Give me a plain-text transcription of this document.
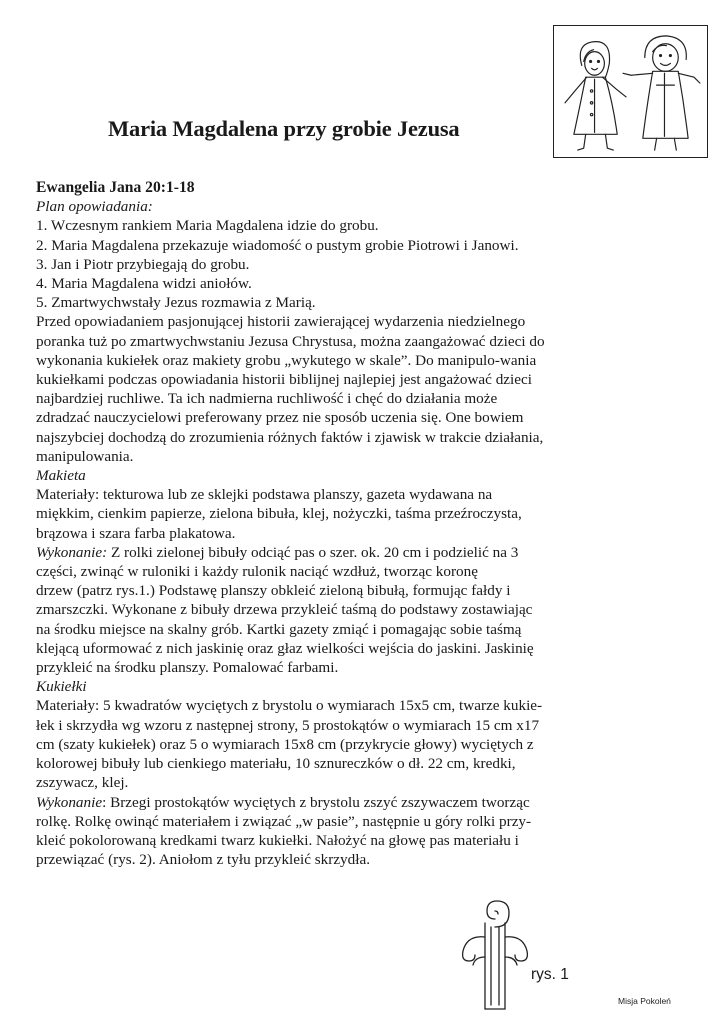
Maria Magdalena przy grobie Jezusa

Ewangelia Jana 20:1-18

Plan opowiadania:

1. Wczesnym rankiem Maria Magdalena idzie do grobu.

2. Maria Magdalena przekazuje wiadomość o pustym grobie Piotrowi i Janowi.

3. Jan i Piotr przybiegają do grobu.

4. Maria Magdalena widzi aniołów.

5. Zmartwychwstały Jezus rozmawia z Marią.

Przed opowiadaniem pasjonującej historii zawierającej wydarzenia niedzielnego

poranka tuż po zmartwychwstaniu Jezusa Chrystusa, można zaangażować dzieci do

wykonania kukiełek oraz makiety grobu „wykutego w skale”. Do manipulo-wania

kukiełkami podczas opowiadania historii biblijnej najlepiej jest angażować dzieci

najbardziej ruchliwe. Ta ich nadmierna ruchliwość i chęć do działania może

zdradzać nauczycielowi preferowany przez nie sposób uczenia się. One bowiem

najszybciej dochodzą do zrozumienia różnych faktów i zjawisk w trakcie działania,

manipulowania.

Makieta

Materiały: tekturowa lub ze sklejki podstawa planszy, gazeta wydawana na

miękkim, cienkim papierze, zielona bibuła, klej, nożyczki, taśma przeźroczysta,

brązowa i szara farba plakatowa.

Wykonanie: Z rolki zielonej bibuły odciąć pas o szer. ok. 20 cm i podzielić na 3

części, zwinąć w ruloniki i każdy rulonik naciąć wzdłuż, tworząc koronę

drzew (patrz rys.1.) Podstawę planszy obkleić zieloną bibułą, formując fałdy i

zmarszczki. Wykonane z bibuły drzewa przykleić taśmą do podstawy zostawiając

na środku miejsce na skalny grób. Kartki gazety zmiąć i pomagając sobie taśmą

klejącą uformować z nich jaskinię oraz głaz wielkości wejścia do jaskini. Jaskinię

przykleić na środku planszy. Pomalować farbami.

Kukiełki

Materiały: 5 kwadratów wyciętych z brystolu o wymiarach 15x5 cm, twarze kukie-

łek i skrzydła wg wzoru z następnej strony, 5 prostokątów o wymiarach 15 cm x17

cm (szaty kukiełek) oraz 5 o wymiarach 15x8 cm (przykrycie głowy) wyciętych z

kolorowej bibuły lub cienkiego materiału, 10 sznureczków o dł. 22 cm, kredki,

zszywacz, klej.

Wykonanie: Brzegi prostokątów wyciętych z brystolu zszyć zszywaczem tworząc

rolkę. Rolkę owinąć materiałem i związać „w pasie”, następnie u góry rolki przy-

kleić pokolorowaną kredkami twarz kukiełki. Nałożyć na głowę pas materiału i

przewiązać (rys. 2). Aniołom z tyłu przykleić skrzydła.

rys. 1
Misja Pokoleń
